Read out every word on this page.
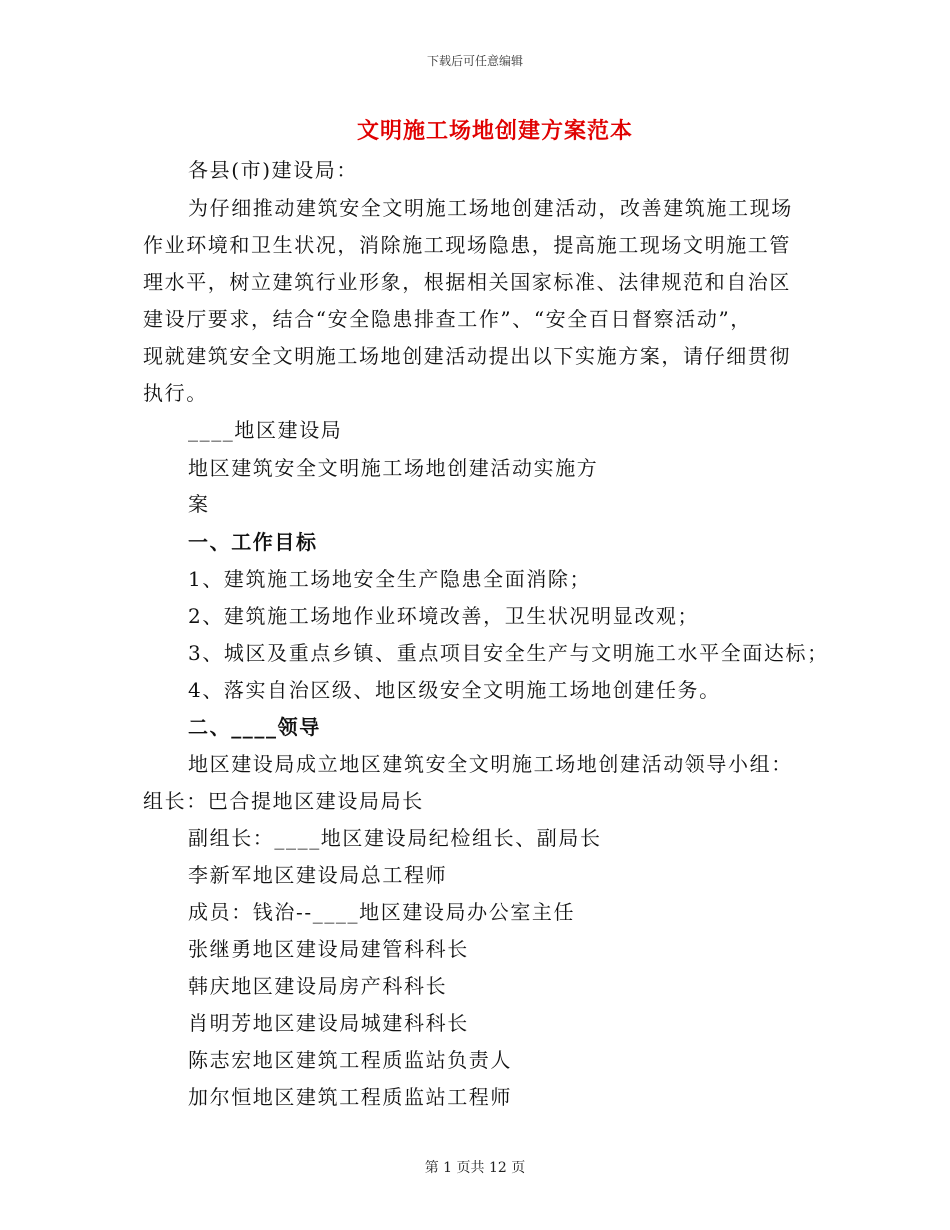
下载后可任意编辑
文明施工场地创建方案范本
各县(市)建设局：
为仔细推动建筑安全文明施工场地创建活动，改善建筑施工现场
作业环境和卫生状况，消除施工现场隐患，提高施工现场文明施工管
理水平，树立建筑行业形象，根据相关国家标准、法律规范和自治区
建设厅要求，结合“安全隐患排查工作”、“安全百日督察活动”，
现就建筑安全文明施工场地创建活动提出以下实施方案，请仔细贯彻
执行。
____地区建设局
地区建筑安全文明施工场地创建活动实施方
案
一、工作目标
1、建筑施工场地安全生产隐患全面消除；
2、建筑施工场地作业环境改善，卫生状况明显改观；
3、城区及重点乡镇、重点项目安全生产与文明施工水平全面达标；
4、落实自治区级、地区级安全文明施工场地创建任务。
二、____领导
地区建设局成立地区建筑安全文明施工场地创建活动领导小组：
组长：巴合提地区建设局局长
副组长：____地区建设局纪检组长、副局长
李新军地区建设局总工程师
成员：钱治--____地区建设局办公室主任
张继勇地区建设局建管科科长
韩庆地区建设局房产科科长
肖明芳地区建设局城建科科长
陈志宏地区建筑工程质监站负责人
加尔恒地区建筑工程质监站工程师
第 1 页共 12 页
